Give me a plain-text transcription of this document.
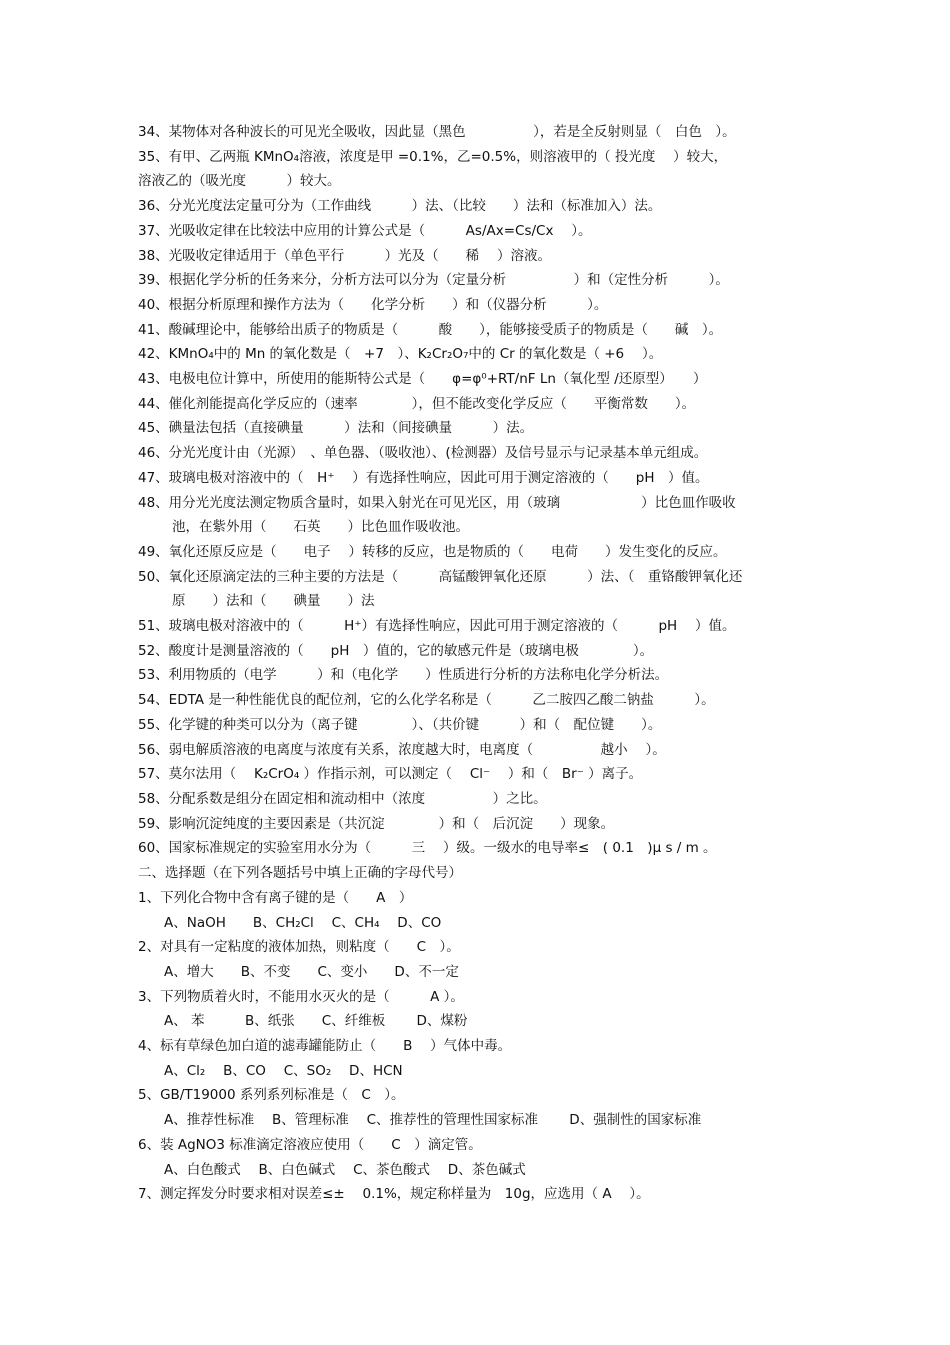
34、某物体对各种波长的可见光全吸收，因此显（黑色　　　　　），若是全反射则显（　白色　）。
35、有甲、乙两瓶 KMnO₄溶液，浓度是甲 =0.1%，乙=0.5%，则溶液甲的（ 投光度　 ）较大，
溶液乙的（吸光度　　　）较大。
36、分光光度法定量可分为（工作曲线　　　）法、（比较　　）法和（标准加入）法。
37、光吸收定律在比较法中应用的计算公式是（　　　As/Ax=Cs/Cx　 ）。
38、光吸收定律适用于（单色平行　　　）光及（　　稀　 ）溶液。
39、根据化学分析的任务来分，分析方法可以分为（定量分析　　　　　）和（定性分析　　　）。
40、根据分析原理和操作方法为（　　化学分析　　）和（仪器分析　　　）。
41、酸碱理论中，能够给出质子的物质是（　　　酸　　），能够接受质子的物质是（　　碱　）。
42、KMnO₄中的 Mn 的氧化数是（　+7　）、K₂Cr₂O₇中的 Cr 的氧化数是（ +6　 ）。
43、电极电位计算中，所使用的能斯特公式是（　　φ=φ⁰+RT/nF Ln（氧化型 /还原型）　　）
44、催化剂能提高化学反应的（速率　　　　），但不能改变化学反应（　　平衡常数　　）。
45、碘量法包括（直接碘量　　　）法和（间接碘量　　　）法。
46、分光光度计由（光源）　、单色器、（吸收池）、(检测器）及信号显示与记录基本单元组成。
47、玻璃电极对溶液中的（　H⁺　 ）有选择性响应，因此可用于测定溶液的（　　pH　）值。
48、用分光光度法测定物质含量时，如果入射光在可见光区，用（玻璃　　　　　　）比色皿作吸收
池，在紫外用（　　石英　　）比色皿作吸收池。
49、氧化还原反应是（　　电子　 ）转移的反应，也是物质的（　　电荷　　）发生变化的反应。
50、氧化还原滴定法的三种主要的方法是（　　　高锰酸钾氧化还原　　　）法、（　重铬酸钾氧化还
原　　）法和（　　碘量　　）法
51、玻璃电极对溶液中的（　　　H⁺）有选择性响应，因此可用于测定溶液的（　　　pH　 ）值。
52、酸度计是测量溶液的（　　pH　）值的，它的敏感元件是（玻璃电极　　　　）。
53、利用物质的（电学　　　）和（电化学　　）性质进行分析的方法称电化学分析法。
54、EDTA 是一种性能优良的配位剂，它的么化学名称是（　　　乙二胺四乙酸二钠盐　　　）。
55、化学键的种类可以分为（离子键　　　　）、（共价键　　　）和（　配位键　　）。
56、弱电解质溶液的电离度与浓度有关系，浓度越大时，电离度（　　　　　越小　 ）。
57、莫尔法用（　 K₂CrO₄ ）作指示剂，可以测定（　 Cl⁻　 ）和（　Br⁻ ）离子。
58、分配系数是组分在固定相和流动相中（浓度　　　　　）之比。
59、影响沉淀纯度的主要因素是（共沉淀　　　　）和（　后沉淀　　）现象。
60、国家标准规定的实验室用水分为（　　　三　 ）级。一级水的电导率≤　( 0.1　)μ s / m 。
二、选择题（在下列各题括号中填上正确的字母代号）
1、下列化合物中含有离子键的是（　　A　）
A、NaOH　　B、CH₂Cl　 C、CH₄　 D、CO
2、对具有一定粘度的液体加热，则粘度（　　C　）。
A、增大　　B、不变　　C、变小　　D、不一定
3、下列物质着火时，不能用水灭火的是（　　　A ）。
A、 苯　　　B、纸张　　C、纤维板　　 D、煤粉
4、标有草绿色加白道的滤毒罐能防止（　　B　 ）气体中毒。
A、Cl₂　 B、CO　 C、SO₂　 D、HCN
5、GB/T19000 系列系列标准是（　C　）。
A、推荐性标准　 B、管理标准　 C、推荐性的管理性国家标准　　 D、强制性的国家标准
6、装 AgNO3 标准滴定溶液应使用（　　C　）滴定管。
A、白色酸式　 B、白色碱式　 C、茶色酸式　 D、茶色碱式
7、测定挥发分时要求相对误差≤±　 0.1%，规定称样量为　10g，应选用（ A　 ）。
